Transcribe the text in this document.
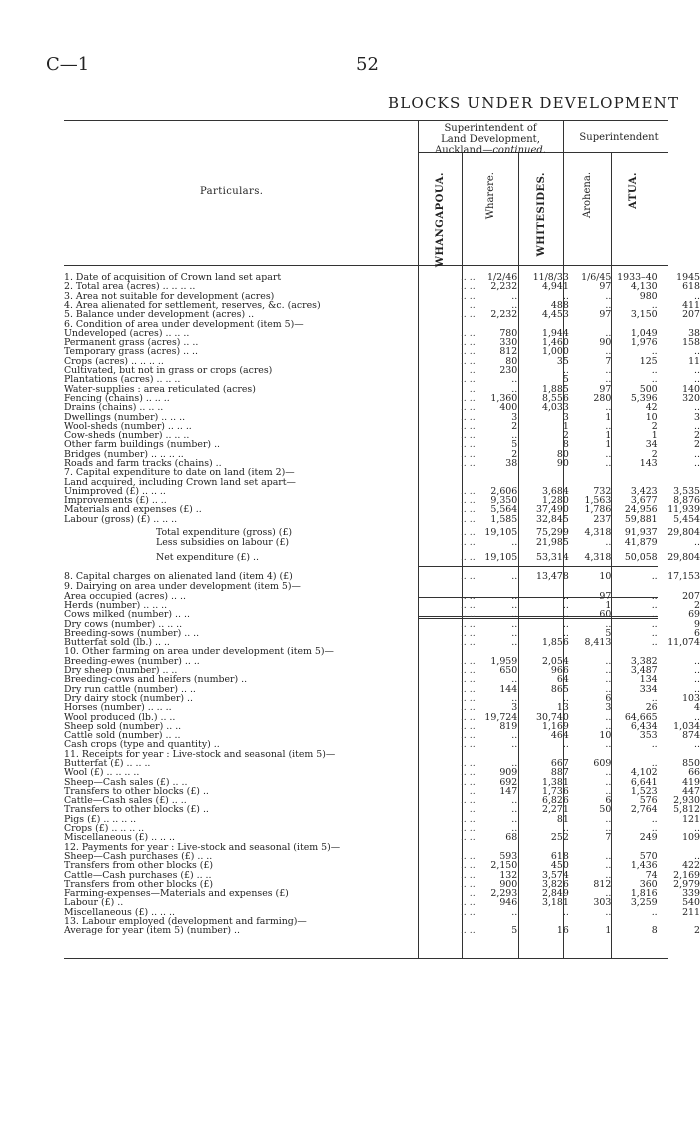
C—1	52
BLOCKS UNDER DEVELOPMENT
Superintendent of
Land Development,
Auckland—continued.
Superintendent
Particulars.	WHANGAPOUA.	Wharere.	WHITESIDES.	Arohena.	ATUA.
1. Date of acquisition of Crown land set apart	.. ..	1/2/46	11/8/33	1/6/45	1933–40	1945
2. Total area (acres) .. .. .. ..	.. ..	2,232	4,941	97	4,130	618
3. Area not suitable for development (acres)	.. ..	..	..	..	980	..
4. Area alienated for settlement, reserves, &c. (acres)	..	..	488	..	..	411
5. Balance under development (acres) ..	.. ..	2,232	4,453	97	3,150	207
6. Condition of area under development (item 5)—						
Undeveloped (acres) .. .. ..	.. ..	780	1,944	..	1,049	38
Permanent grass (acres) .. ..	.. ..	330	1,460	90	1,976	158
Temporary grass (acres) .. ..	.. ..	812	1,000	..	..	..
Crops (acres) .. .. .. ..	.. ..	80	35	7	125	11
Cultivated, but not in grass or crops (acres)	..	230	..	..	..	..
Plantations (acres) .. .. ..	.. ..	..	5	..	..	..
Water-supplies : area reticulated (acres)	..	..	1,885	97	500	140
Fencing (chains) .. .. ..	.. ..	1,360	8,556	280	5,396	320
Drains (chains) .. .. ..	.. ..	400	4,033	..	42	..
Dwellings (number) .. .. ..	.. ..	3	3	1	10	3
Wool-sheds (number) .. .. ..	.. ..	2	1	..	2	..
Cow-sheds (number) .. .. ..	.. ..	..	2	1	1	2
Other farm buildings (number) ..	.. ..	5	8	1	34	2
Bridges (number) .. .. .. ..	.. ..	2	80	..	2	..
Roads and farm tracks (chains) ..	.. ..	38	90	..	143	..
7. Capital expenditure to date on land (item 2)—						
Land acquired, including Crown land set apart—						
Unimproved (£) .. .. ..	.. ..	2,606	3,684	732	3,423	3,535
Improvements (£) .. ..	.. ..	9,350	1,280	1,563	3,677	8,876
Materials and expenses (£) ..	.. ..	5,564	37,490	1,786	24,956	11,939
Labour (gross) (£) .. .. ..	.. ..	1,585	32,845	237	59,881	5,454
Total expenditure (gross) (£)	.. ..	19,105	75,299	4,318	91,937	29,804
Less subsidies on labour (£)	.. ..	..	21,985	..	41,879	..
Net expenditure (£) ..	.. ..	19,105	53,314	4,318	50,058	29,804
8. Capital charges on alienated land (item 4) (£)	.. ..	..	13,478	10	..	17,153
9. Dairying on area under development (item 5)—						
Area occupied (acres) .. ..	.. ..	..	..	97	..	207
Herds (number) .. .. ..	.. ..	..	..	1	..	2
Cows milked (number) .. ..	.. ..	..	..	60	..	69
Dry cows (number) .. .. ..	.. ..	..	..	..	..	9
Breeding-sows (number) .. ..	.. ..	..	..	5	..	6
Butterfat sold (lb.) .. ..	.. ..	..	1,856	8,413	..	11,074
10. Other farming on area under development (item 5)—						
Breeding-ewes (number) .. ..	.. ..	1,959	2,054	..	3,382	..
Dry sheep (number) .. ..	.. ..	650	966	..	3,487	..
Breeding-cows and heifers (number) ..	.. ..	..	64	..	134	..
Dry run cattle (number) .. ..	.. ..	144	865	..	334	..
Dry dairy stock (number) ..	.. ..	..	..	6	..	103
Horses (number) .. .. ..	.. ..	3	13	3	26	4
Wool produced (lb.) .. ..	.. ..	19,724	30,740	..	64,665	..
Sheep sold (number) .. ..	.. ..	819	1,169	..	6,434	1,034
Cattle sold (number) .. ..	.. ..	..	464	10	353	874
Cash crops (type and quantity) ..	.. ..	..	..	..	..	..
11. Receipts for year : Live-stock and seasonal (item 5)—						
Butterfat (£) .. .. ..	.. ..	..	667	609	..	850
Wool (£) .. .. .. ..	.. ..	909	887	..	4,102	66
Sheep—Cash sales (£) .. ..	.. ..	692	1,381	..	6,641	419
Transfers to other blocks (£) ..	..	147	1,736	..	1,523	447
Cattle—Cash sales (£) .. ..	.. ..	..	6,826	6	576	2,930
Transfers to other blocks (£) ..	..	..	2,271	50	2,764	5,812
Pigs (£) .. .. .. ..	.. ..	..	81	..	..	121
Crops (£) .. .. .. ..	.. ..	..	..	..	..	..
Miscellaneous (£) .. .. ..	.. ..	68	252	7	249	109
12. Payments for year : Live-stock and seasonal (item 5)—						
Sheep—Cash purchases (£) .. ..	.. ..	593	618	..	570	..
Transfers from other blocks (£)	.. ..	2,150	450	..	1,436	422
Cattle—Cash purchases (£) .. ..	.. ..	132	3,574	..	74	2,169
Transfers from other blocks (£)	.. ..	900	3,826	812	360	2,979
Farming-expenses—Materials and expenses (£)	..	2,293	2,849	..	1,816	339
Labour (£) ..	.. ..	946	3,181	303	3,259	540
Miscellaneous (£) .. .. ..	.. ..	..	..	..	..	211
13. Labour employed (development and farming)—						
Average for year (item 5) (number) ..	.. ..	5	16	1	8	2
